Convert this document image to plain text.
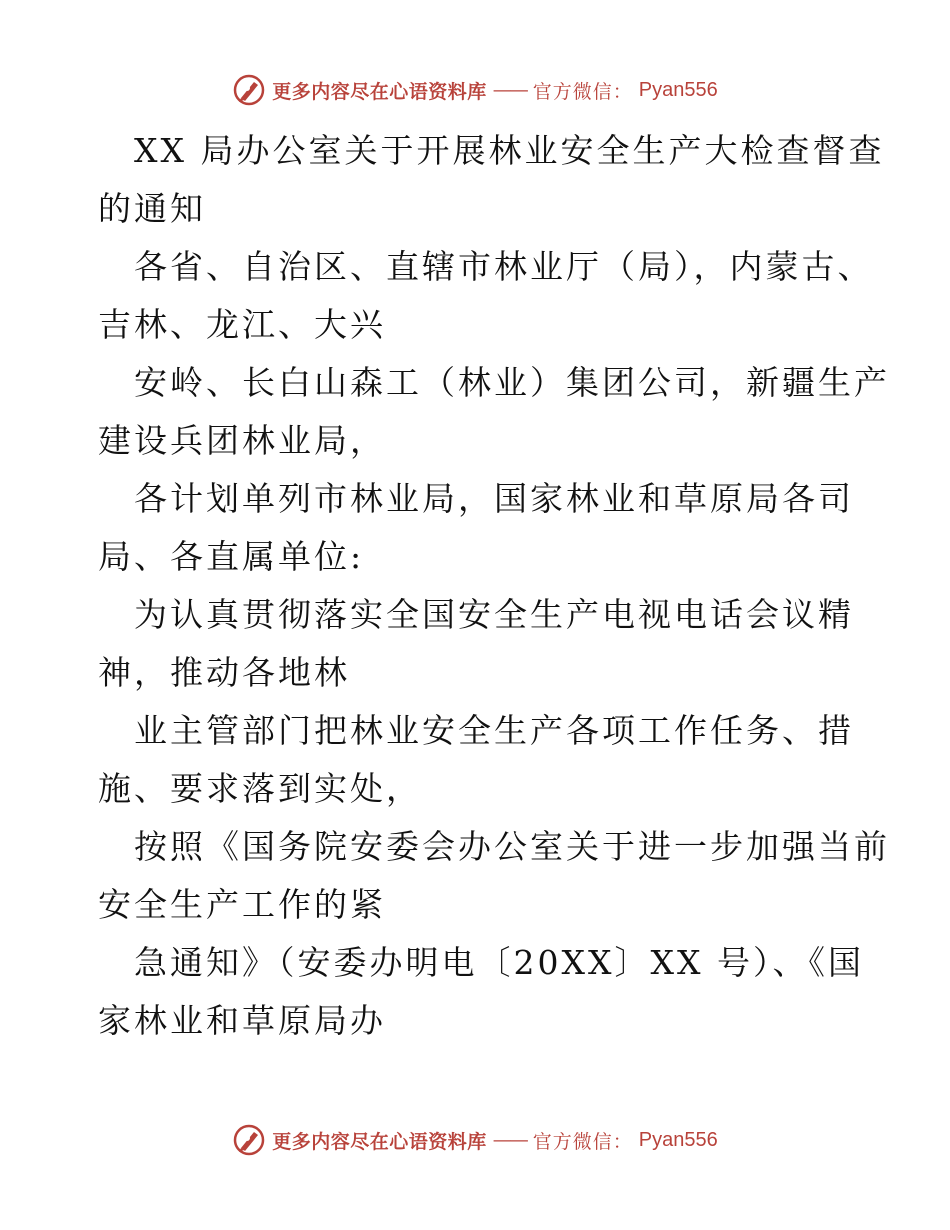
更多内容尽在心语资料库 —— 官方微信： Pyan556
XX 局办公室关于开展林业安全生产大检查督查
的通知
各省、自治区、直辖市林业厅（局），内蒙古、
吉林、龙江、大兴
安岭、长白山森工（林业）集团公司，新疆生产
建设兵团林业局，
各计划单列市林业局，国家林业和草原局各司
局、各直属单位:
为认真贯彻落实全国安全生产电视电话会议精
神，推动各地林
业主管部门把林业安全生产各项工作任务、措
施、要求落到实处，
按照《国务院安委会办公室关于进一步加强当前
安全生产工作的紧
急通知》（安委办明电〔20XX〕XX 号）、《国
家林业和草原局办
更多内容尽在心语资料库 —— 官方微信： Pyan556
